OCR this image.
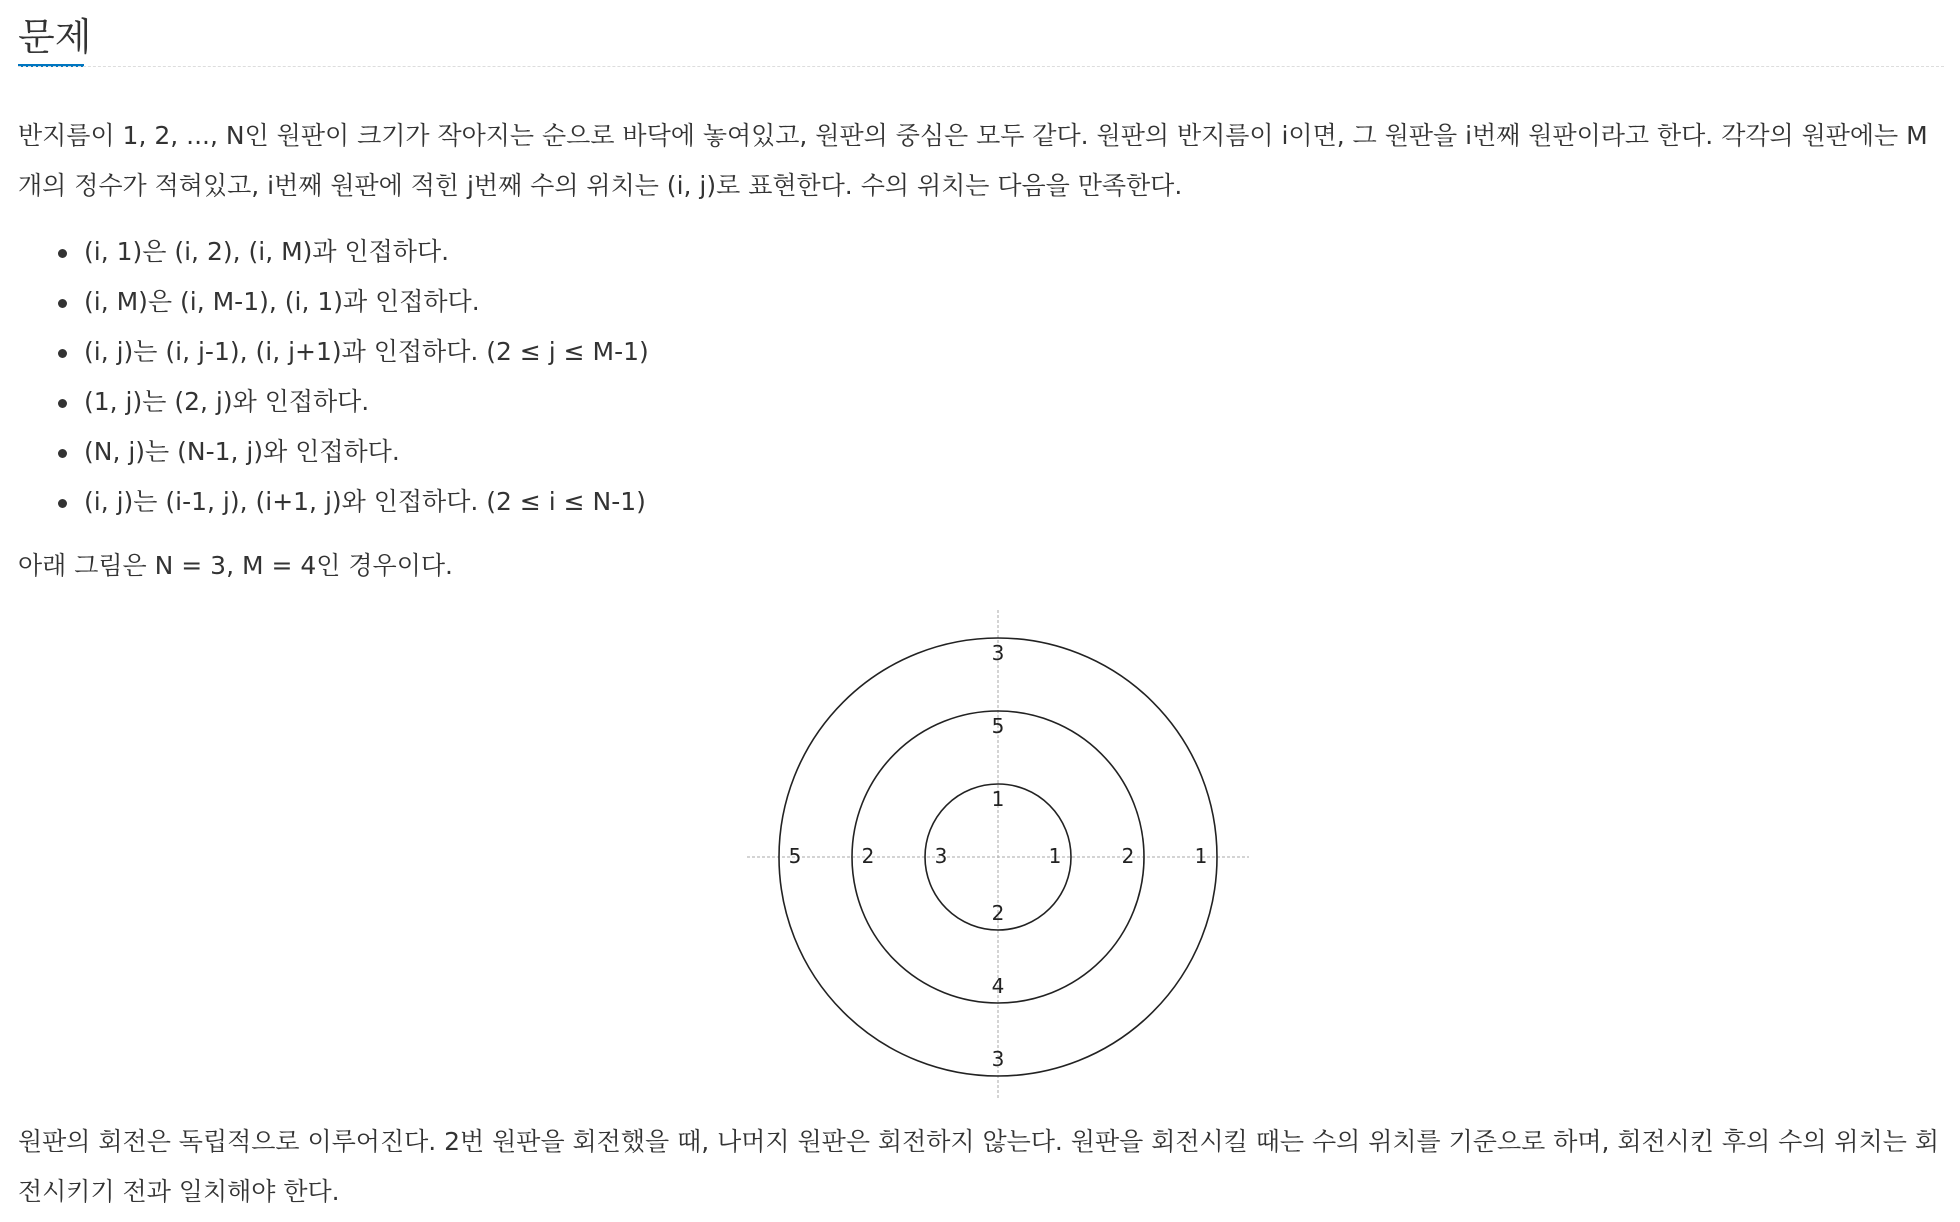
문제

반지름이 1, 2, ..., N인 원판이 크기가 작아지는 순으로 바닥에 놓여있고, 원판의 중심은 모두 같다. 원판의 반지름이 i이면, 그 원판을 i번째 원판이라고 한다. 각각의 원판에는 M개의 정수가 적혀있고, i번째 원판에 적힌 j번째 수의 위치는 (i, j)로 표현한다. 수의 위치는 다음을 만족한다.

(i, 1)은 (i, 2), (i, M)과 인접하다.
(i, M)은 (i, M-1), (i, 1)과 인접하다.
(i, j)는 (i, j-1), (i, j+1)과 인접하다. (2 ≤ j ≤ M-1)
(1, j)는 (2, j)와 인접하다.
(N, j)는 (N-1, j)와 인접하다.
(i, j)는 (i-1, j), (i+1, j)와 인접하다. (2 ≤ i ≤ N-1)

아래 그림은 N = 3, M = 4인 경우이다.

1
1
2
3
5
2
4
2
3
1
3
5

원판의 회전은 독립적으로 이루어진다. 2번 원판을 회전했을 때, 나머지 원판은 회전하지 않는다. 원판을 회전시킬 때는 수의 위치를 기준으로 하며, 회전시킨 후의 수의 위치는 회전시키기 전과 일치해야 한다.
